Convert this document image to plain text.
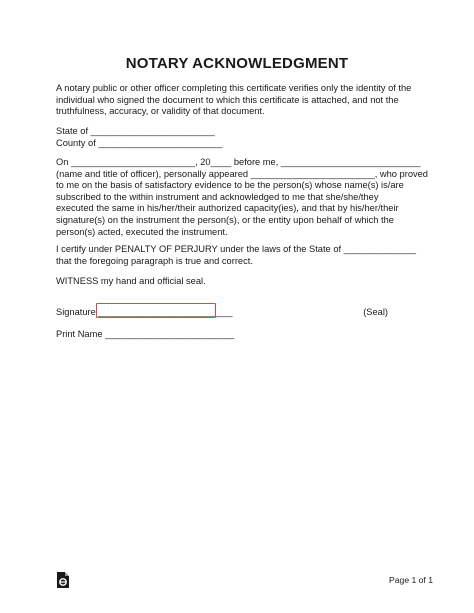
NOTARY ACKNOWLEDGMENT
A notary public or other officer completing this certificate verifies only the identity of the
individual who signed the document to which this certificate is attached, and not the
truthfulness, accuracy, or validity of that document.
State of ________________________
County of ________________________
On ________________________, 20____ before me, ___________________________
(name and title of officer), personally appeared ________________________, who proved
to me on the basis of satisfactory evidence to be the person(s) whose name(s) is/are
subscribed to the within instrument and acknowledged to me that she/she/they
executed the same in his/her/their authorized capacity(ies), and that by his/her/their
signature(s) on the instrument the person(s), or the entity upon behalf of which the
person(s) acted, executed the instrument.
I certify under PENALTY OF PERJURY under the laws of the State of ______________
that the foregoing paragraph is true and correct.
WITNESS my hand and official seal.
Signature __________________________	(Seal)
Print Name _________________________
Page 1 of 1
